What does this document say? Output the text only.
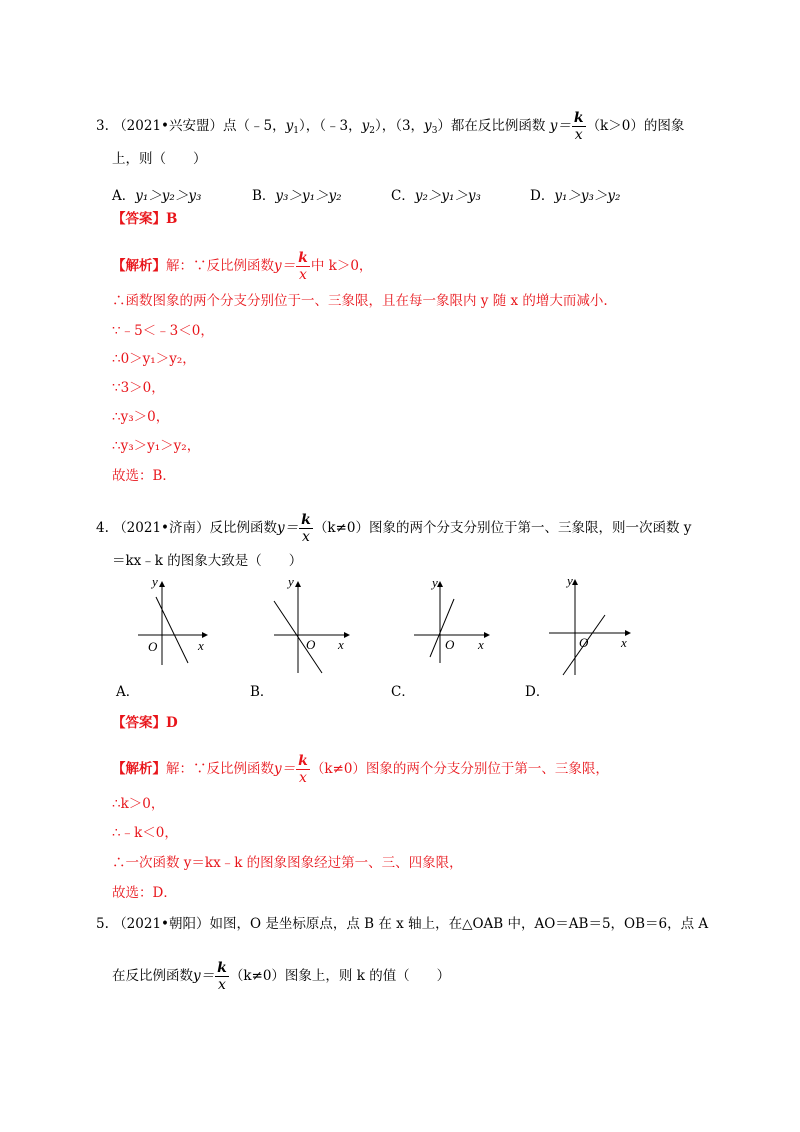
3. （2021•兴安盟）点（﹣5，$y_1$），（﹣3，$y_2$），（3，$y_3$）都在反比例函数 $y= \frac{k}{x} (k>0)$的图象
上，则（　　）
A．y₁＞y₂＞y₃	B．y₃＞y₁＞y₂	C．y₂＞y₁＞y₃	D．y₁＞y₃＞y₂
【答案】B
【解析】解：∵反比例函数$y= \frac{k}{x}$ 中 k＞0，
∴函数图象的两个分支分别位于一、三象限，且在每一象限内 y 随 x 的增大而减小.
∵﹣5＜﹣3＜0，
∴0＞y₁＞y₂，
∵3＞0，
∴y₃＞0，
∴y₃＞y₁＞y₂，
故选：B．
4. （2021•济南）反比例函数$y= \frac{k}{x} (k\ne 0)$图象的两个分支分别位于第一、三象限，则一次函数 y
＝kx﹣k 的图象大致是（　　）
y
x
O
y
x
O
y
x
O
y
x
O
A．	B．	C．	D．
【答案】D
【解析】解：∵反比例函数$y= \frac{k}{x} (k\ne 0)$图象的两个分支分别位于第一、三象限，
∴k＞0，
∴﹣k＜0，
∴一次函数 y＝kx﹣k 的图象图象经过第一、三、四象限，
故选：D．
5. （2021•朝阳）如图，O 是坐标原点，点 B 在 x 轴上，在△OAB 中，AO＝AB＝5，OB＝6，点 A
在反比例函数$y= \frac{k}{x} (k\ne 0)$图象上，则 k 的值（　　）
